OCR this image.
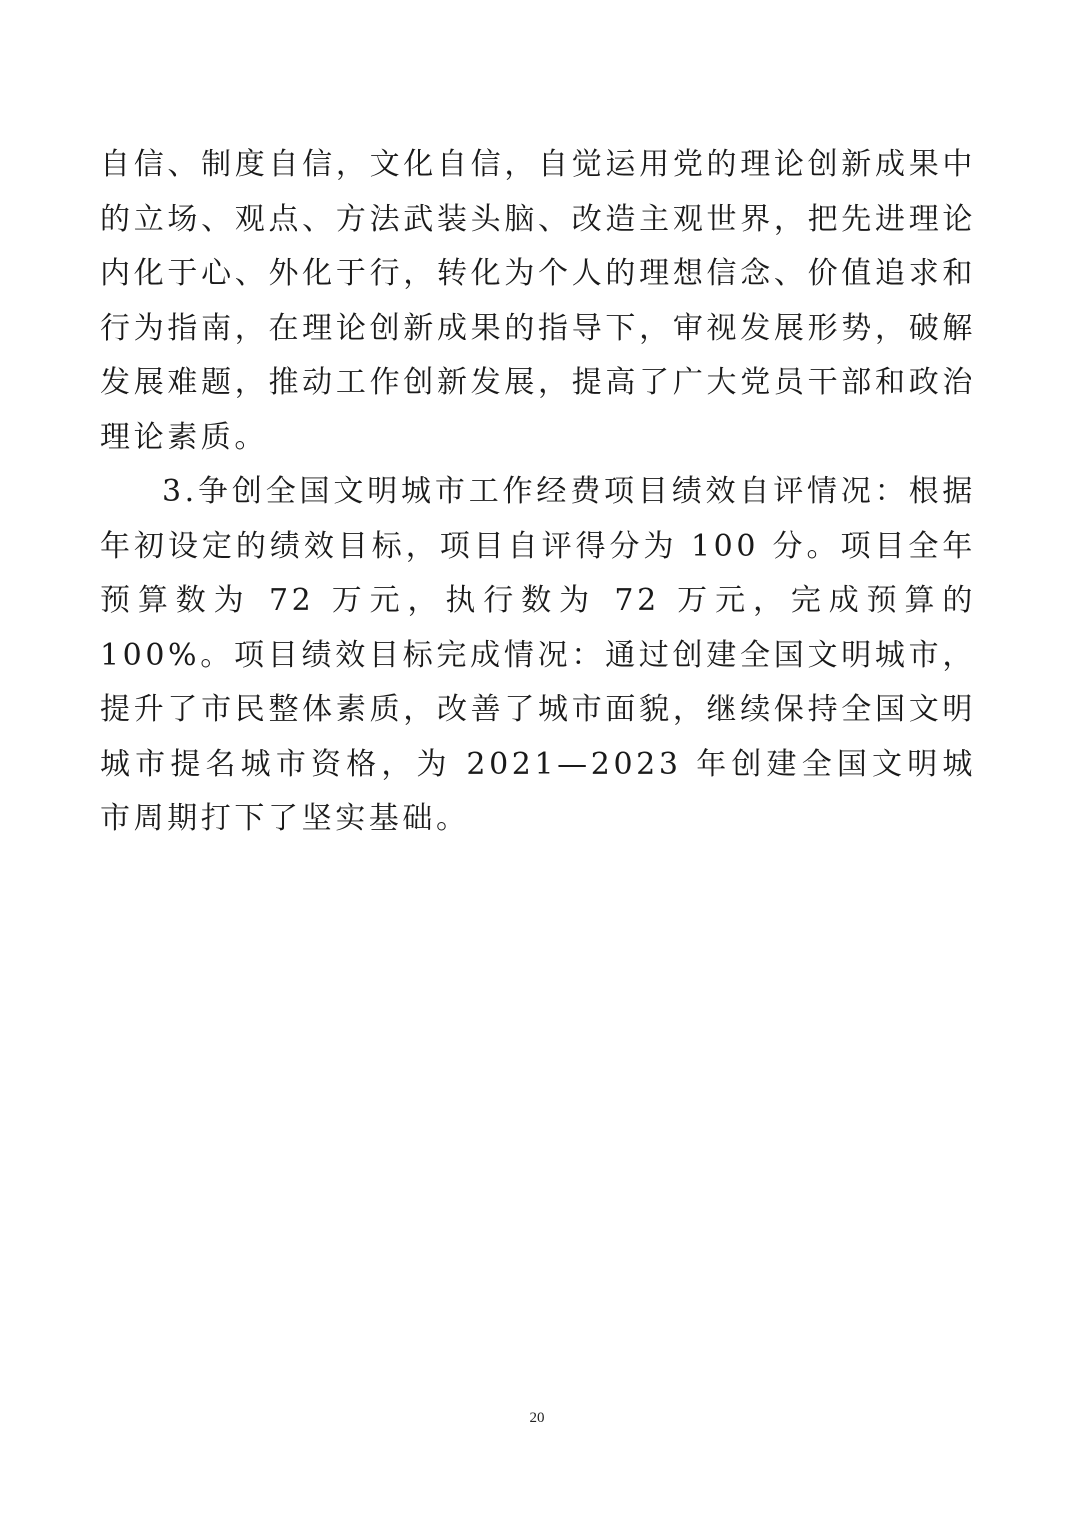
自信、制度自信，文化自信，自觉运用党的理论创新成果中的立场、观点、方法武装头脑、改造主观世界，把先进理论内化于心、外化于行，转化为个人的理想信念、价值追求和行为指南，在理论创新成果的指导下，审视发展形势，破解发展难题，推动工作创新发展，提高了广大党员干部和政治理论素质。

3.争创全国文明城市工作经费项目绩效自评情况：根据年初设定的绩效目标，项目自评得分为 100 分。项目全年预算数为 72 万元，执行数为 72 万元，完成预算的 100%。项目绩效目标完成情况：通过创建全国文明城市，提升了市民整体素质，改善了城市面貌，继续保持全国文明城市提名城市资格，为 2021—2023 年创建全国文明城市周期打下了坚实基础。

20
